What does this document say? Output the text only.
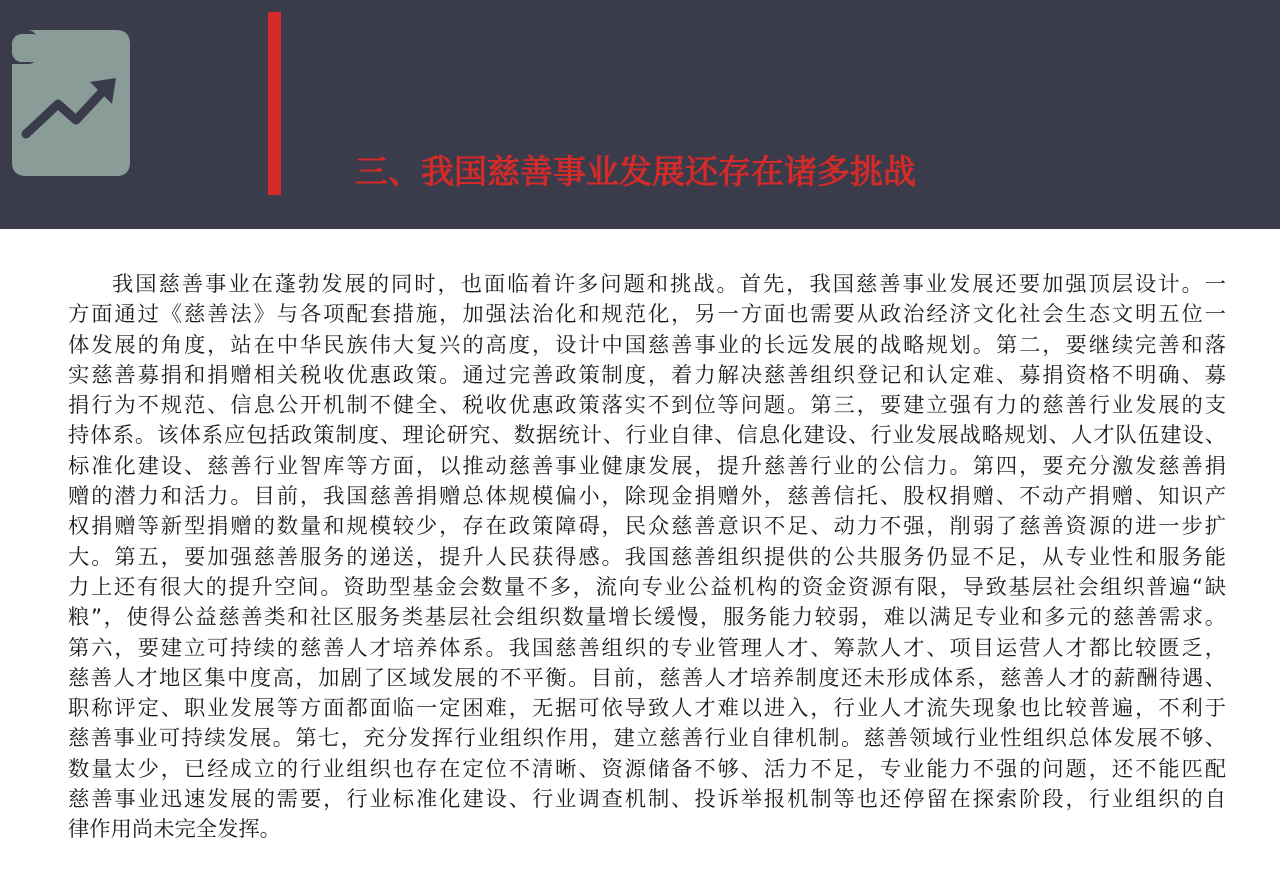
三、我国慈善事业发展还存在诸多挑战
我国慈善事业在蓬勃发展的同时，也面临着许多问题和挑战。首先，我国慈善事业发展还要加强顶层设计。一
方面通过《慈善法》与各项配套措施，加强法治化和规范化，另一方面也需要从政治经济文化社会生态文明五位一
体发展的角度，站在中华民族伟大复兴的高度，设计中国慈善事业的长远发展的战略规划。第二，要继续完善和落
实慈善募捐和捐赠相关税收优惠政策。通过完善政策制度，着力解决慈善组织登记和认定难、募捐资格不明确、募
捐行为不规范、信息公开机制不健全、税收优惠政策落实不到位等问题。第三，要建立强有力的慈善行业发展的支
持体系。该体系应包括政策制度、理论研究、数据统计、行业自律、信息化建设、行业发展战略规划、人才队伍建设、
标准化建设、慈善行业智库等方面，以推动慈善事业健康发展，提升慈善行业的公信力。第四，要充分激发慈善捐
赠的潜力和活力。目前，我国慈善捐赠总体规模偏小，除现金捐赠外，慈善信托、股权捐赠、不动产捐赠、知识产
权捐赠等新型捐赠的数量和规模较少，存在政策障碍，民众慈善意识不足、动力不强，削弱了慈善资源的进一步扩
大。第五，要加强慈善服务的递送，提升人民获得感。我国慈善组织提供的公共服务仍显不足，从专业性和服务能
力上还有很大的提升空间。资助型基金会数量不多，流向专业公益机构的资金资源有限，导致基层社会组织普遍“缺
粮”，使得公益慈善类和社区服务类基层社会组织数量增长缓慢，服务能力较弱，难以满足专业和多元的慈善需求。
第六，要建立可持续的慈善人才培养体系。我国慈善组织的专业管理人才、筹款人才、项目运营人才都比较匮乏，
慈善人才地区集中度高，加剧了区域发展的不平衡。目前，慈善人才培养制度还未形成体系，慈善人才的薪酬待遇、
职称评定、职业发展等方面都面临一定困难，无据可依导致人才难以进入，行业人才流失现象也比较普遍，不利于
慈善事业可持续发展。第七，充分发挥行业组织作用，建立慈善行业自律机制。慈善领域行业性组织总体发展不够、
数量太少，已经成立的行业组织也存在定位不清晰、资源储备不够、活力不足，专业能力不强的问题，还不能匹配
慈善事业迅速发展的需要，行业标准化建设、行业调查机制、投诉举报机制等也还停留在探索阶段，行业组织的自
律作用尚未完全发挥。
